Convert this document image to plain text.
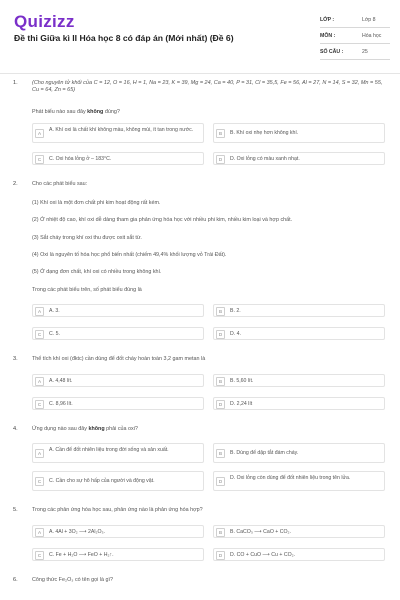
Quizizz
Đề thi Giữa kì II Hóa học 8 có đáp án (Mới nhất) (Đề 6)
LỚP :	Lớp 8
MÔN :	Hóa học
SỐ CÂU :	25
1.	(Cho nguyên tử khối của C = 12, O = 16, H = 1, Na = 23, K = 39, Mg = 24, Ca = 40, P = 31, Cl = 35,5, Fe = 56, Al = 27, N = 14, S = 32, Mn = 55, Cu = 64, Zn = 65)
Phát biểu nào sau đây không đúng?
A
A. Khí oxi là chất khí không màu, không mùi, ít tan trong nước.
B	B. Khí oxi nhẹ hơn không khí.
C	C. Oxi hóa lỏng ở – 183°C.	D	D. Oxi lỏng có màu xanh nhạt.
2.	Cho các phát biểu sau:
(1) Khí oxi là một đơn chất phi kim hoạt động rất kém.
(2) Ở nhiệt độ cao, khí oxi dễ dàng tham gia phản ứng hóa học với nhiều phi kim, nhiều kim loại và hợp chất.
(3) Sắt cháy trong khí oxi thu được oxit sắt từ.
(4) Oxi là nguyên tố hóa học phổ biến nhất (chiếm 49,4% khối lượng vỏ Trái Đất).
(5) Ở dạng đơn chất, khí oxi có nhiều trong không khí.
Trong các phát biểu trên, số phát biểu đúng là
A	A. 3.	B	B. 2.
C	C. 5.	D	D. 4.
3.	Thể tích khí oxi (đktc) cần dùng để đốt cháy hoàn toàn 3,2 gam metan là
A	A. 4,48 lít.	B	B. 5,60 lít.
C	C. 8,96 lít.	D	D. 2,24 lít
4.	Ứng dụng nào sau đây không phải của oxi?
A
A. Cần để đốt nhiên liệu trong đời sống và sản xuất.
B	B. Dùng để dập tắt đám cháy.
C	C. Cần cho sự hô hấp của người và động vật.	D
D. Oxi lỏng còn dùng để đốt nhiên liệu trong tên lửa.
5.	Trong các phản ứng hóa học sau, phản ứng nào là phản ứng hóa hợp?
A	A. 4Al + 3O₂ ⟶ 2Al₂O₃.	B	B. CaCO₃ ⟶ CaO + CO₂.
C	C. Fe + H₂O ⟶ FeO + H₂↑.	D	D. CO + CuO ⟶ Cu + CO₂.
6.	Công thức Fe₂O₃ có tên gọi là gì?
